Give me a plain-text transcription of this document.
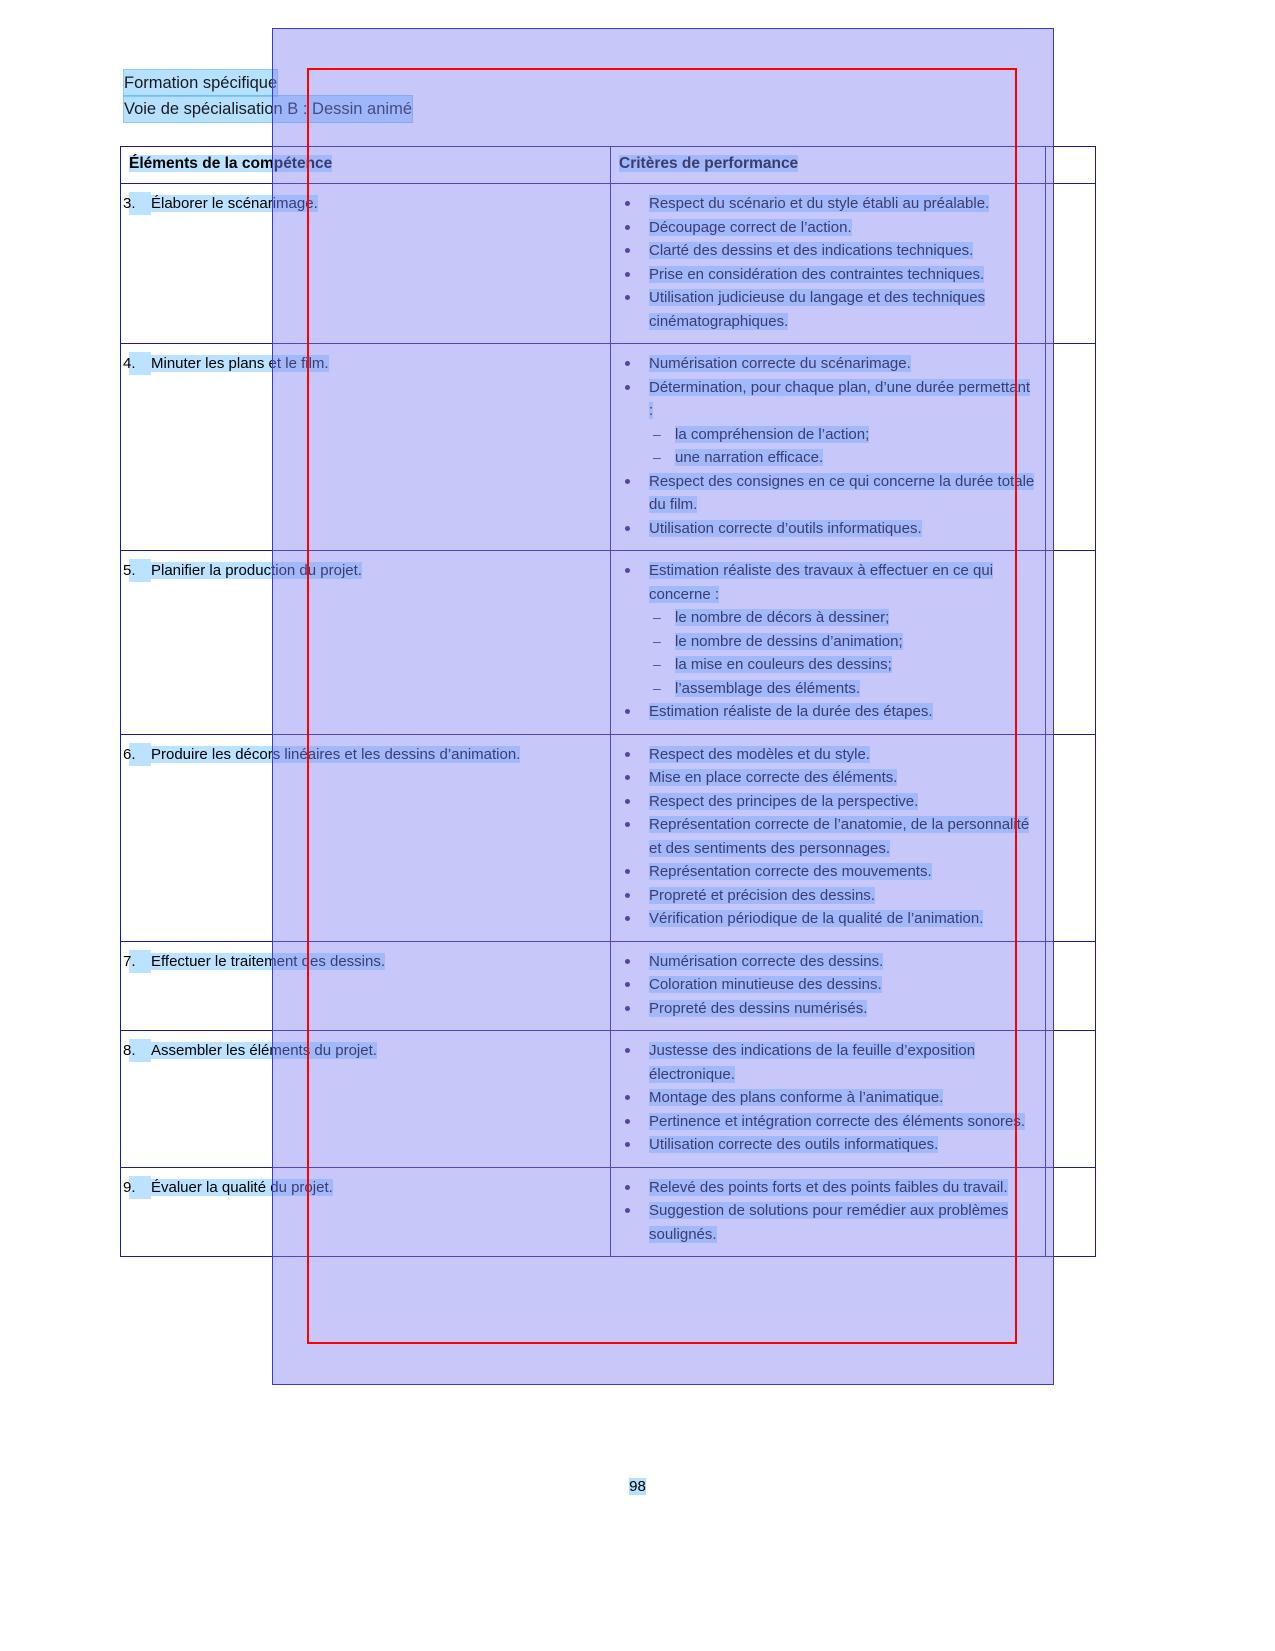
Formation spécifique
Voie de spécialisation B : Dessin animé
Éléments de la compétence	Critères de performance	

3. Élaborer le scénarimage.	Respect du scénario et du style établi au préalable.
Découpage correct de l’action.
Clarté des dessins et des indications techniques.
Prise en considération des contraintes techniques.
Utilisation judicieuse du langage et des techniques cinématographiques.

4. Minuter les plans et le film.	Numérisation correcte du scénarimage.
Détermination, pour chaque plan, d’une durée permettant :
– la compréhension de l’action;
– une narration efficace.
Respect des consignes en ce qui concerne la durée totale du film.
Utilisation correcte d’outils informatiques.

5. Planifier la production du projet.	Estimation réaliste des travaux à effectuer en ce qui concerne :
– le nombre de décors à dessiner;
– le nombre de dessins d’animation;
– la mise en couleurs des dessins;
– l’assemblage des éléments.
Estimation réaliste de la durée des étapes.

6. Produire les décors linéaires et les dessins d’animation.	Respect des modèles et du style.
Mise en place correcte des éléments.
Respect des principes de la perspective.
Représentation correcte de l’anatomie, de la personnalité et des sentiments des personnages.
Représentation correcte des mouvements.
Propreté et précision des dessins.
Vérification périodique de la qualité de l’animation.

7. Effectuer le traitement des dessins.	Numérisation correcte des dessins.
Coloration minutieuse des dessins.
Propreté des dessins numérisés.

8. Assembler les éléments du projet.	Justesse des indications de la feuille d’exposition électronique.
Montage des plans conforme à l’animatique.
Pertinence et intégration correcte des éléments sonores.
Utilisation correcte des outils informatiques.

9. Évaluer la qualité du projet.	Relevé des points forts et des points faibles du travail.
Suggestion de solutions pour remédier aux problèmes soulignés.

98
